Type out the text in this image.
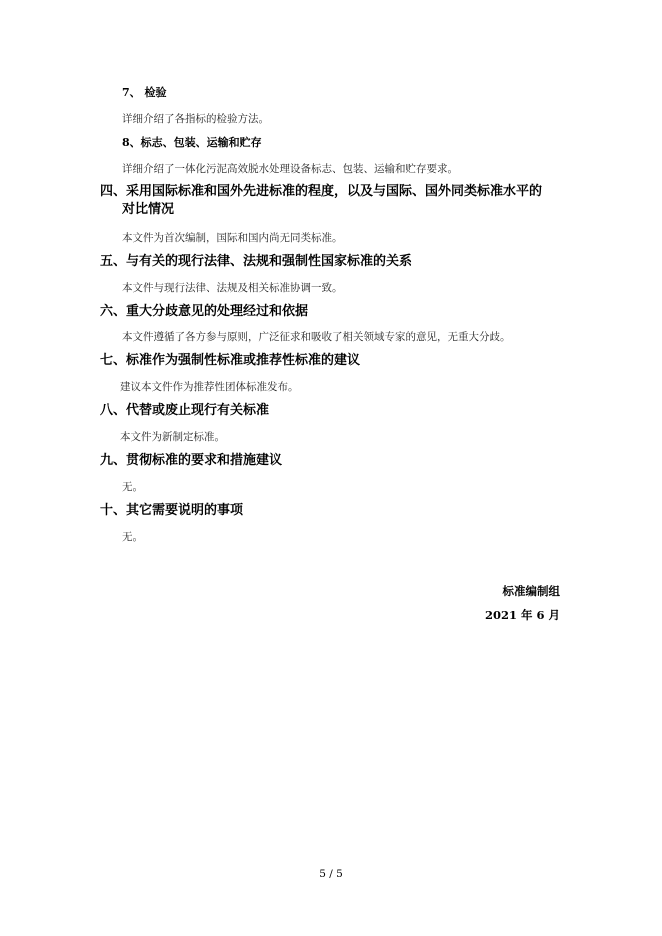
7、 检验
详细介绍了各指标的检验方法。
8、标志、包装、运输和贮存
详细介绍了一体化污泥高效脱水处理设备标志、包装、运输和贮存要求。
四、采用国际标准和国外先进标准的程度，以及与国际、国外同类标准水平的
对比情况
本文件为首次编制，国际和国内尚无同类标准。
五、与有关的现行法律、法规和强制性国家标准的关系
本文件与现行法律、法规及相关标准协调一致。
六、重大分歧意见的处理经过和依据
本文件遵循了各方参与原则，广泛征求和吸收了相关领域专家的意见，无重大分歧。
七、标准作为强制性标准或推荐性标准的建议
建议本文件作为推荐性团体标准发布。
八、代替或废止现行有关标准
本文件为新制定标准。
九、贯彻标准的要求和措施建议
无。
十、其它需要说明的事项
无。
标准编制组
2021 年 6 月
5 / 5
